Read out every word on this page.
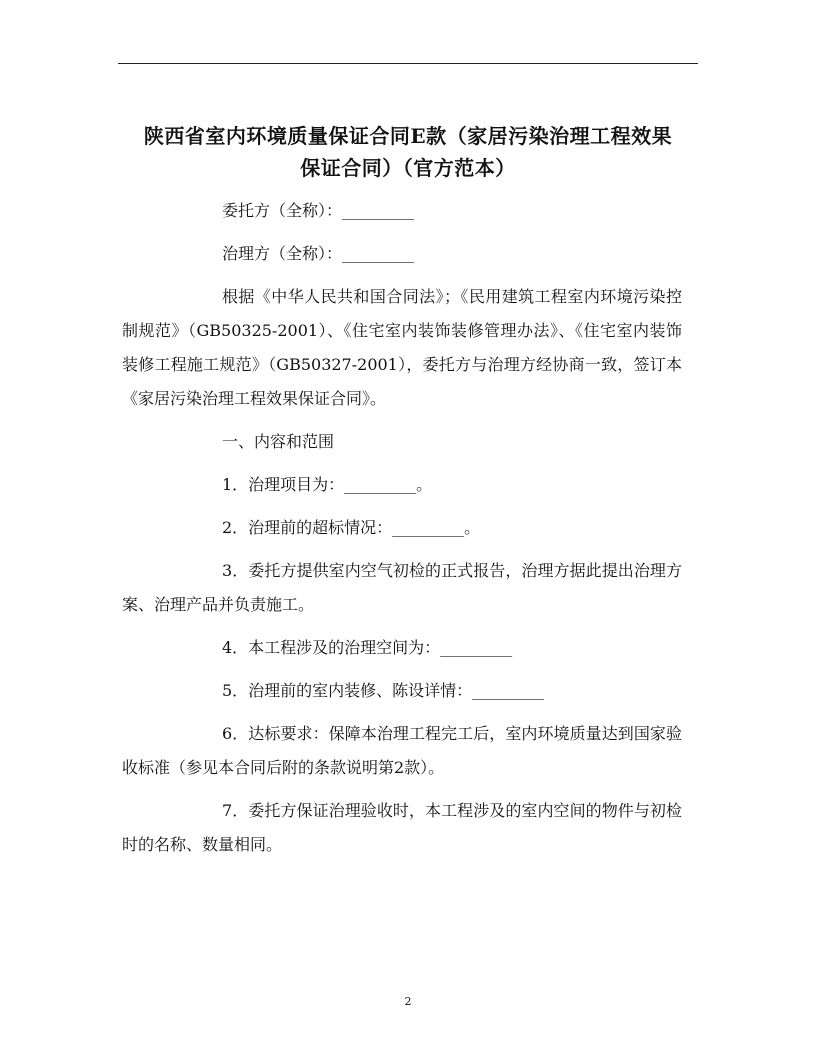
陕西省室内环境质量保证合同E款（家居污染治理工程效果
保证合同）（官方范本）

委托方（全称）：_________

治理方（全称）：_________

根据《中华人民共和国合同法》；《民用建筑工程室内环境污染控制规范》（GB50325-2001）、《住宅室内装饰装修管理办法》、《住宅室内装饰装修工程施工规范》（GB50327-2001），委托方与治理方经协商一致，签订本《家居污染治理工程效果保证合同》。

一、内容和范围

1．治理项目为：_________。

2．治理前的超标情况：_________。

3．委托方提供室内空气初检的正式报告，治理方据此提出治理方案、治理产品并负责施工。

4．本工程涉及的治理空间为：_________

5．治理前的室内装修、陈设详情：_________

6．达标要求：保障本治理工程完工后，室内环境质量达到国家验收标准（参见本合同后附的条款说明第2款）。

7．委托方保证治理验收时，本工程涉及的室内空间的物件与初检时的名称、数量相同。

2
